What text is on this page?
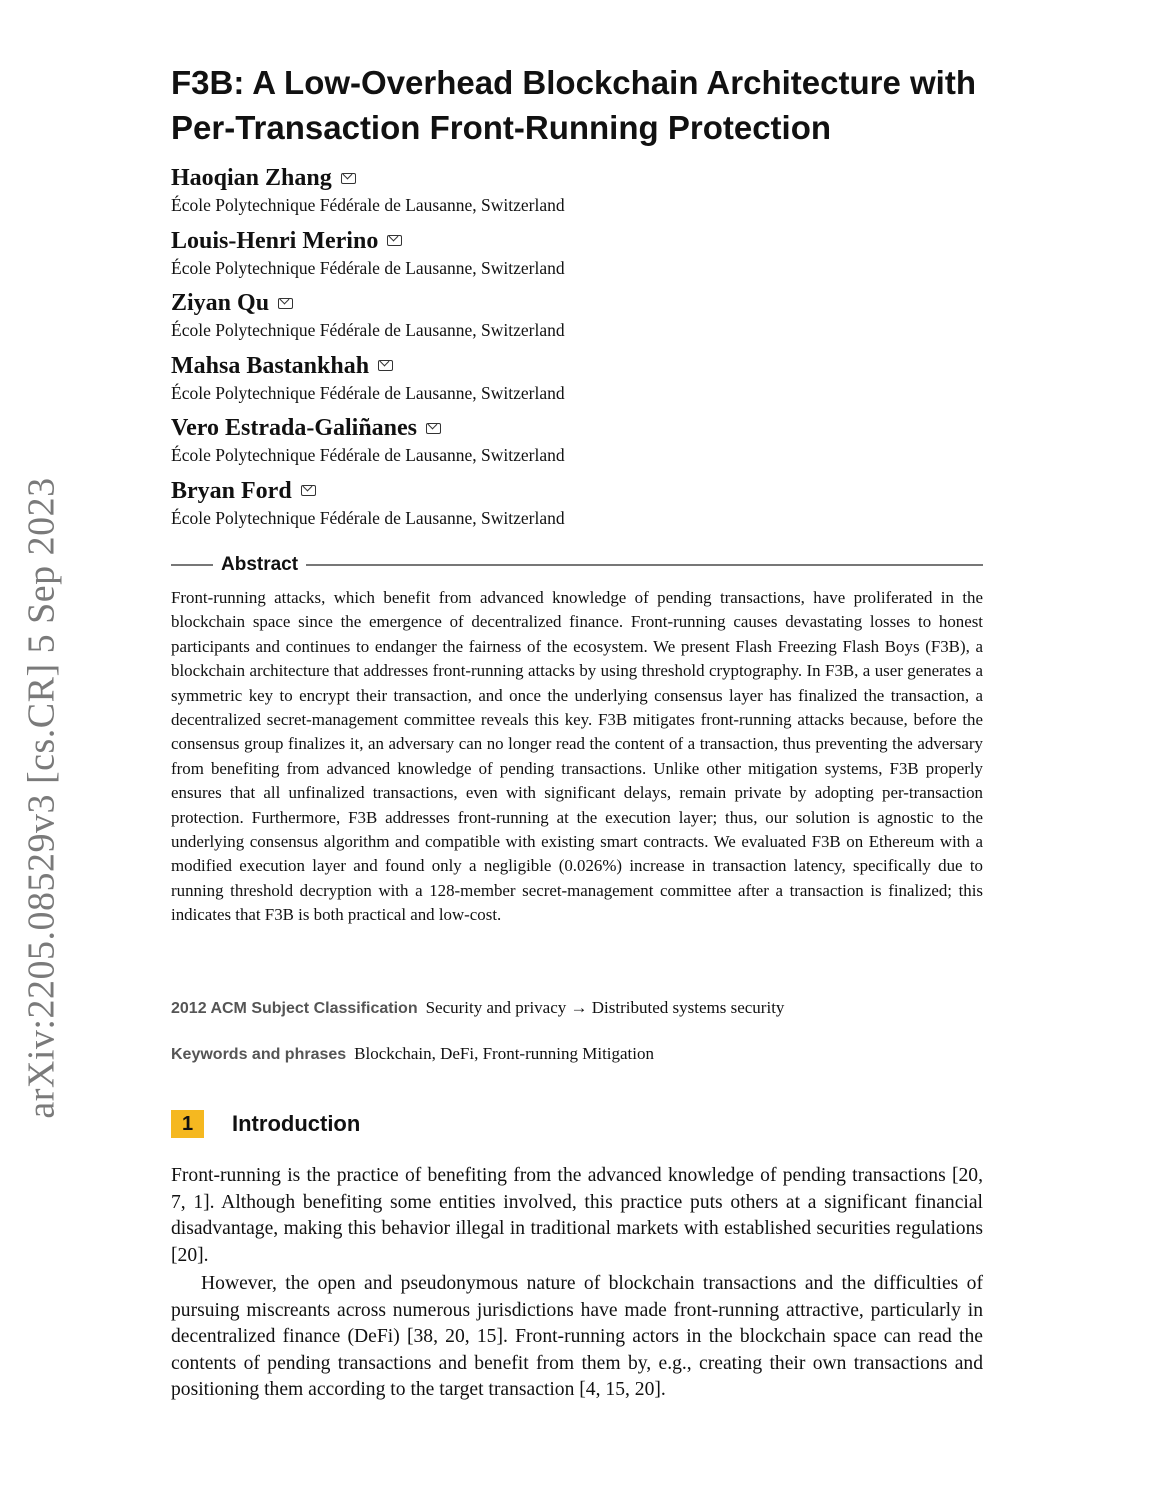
arXiv:2205.08529v3 [cs.CR] 5 Sep 2023
F3B: A Low-Overhead Blockchain Architecture with Per-Transaction Front-Running Protection
Haoqian Zhang
École Polytechnique Fédérale de Lausanne, Switzerland
Louis-Henri Merino
École Polytechnique Fédérale de Lausanne, Switzerland
Ziyan Qu
École Polytechnique Fédérale de Lausanne, Switzerland
Mahsa Bastankhah
École Polytechnique Fédérale de Lausanne, Switzerland
Vero Estrada-Galiñanes
École Polytechnique Fédérale de Lausanne, Switzerland
Bryan Ford
École Polytechnique Fédérale de Lausanne, Switzerland
Abstract

Front-running attacks, which benefit from advanced knowledge of pending transactions, have proliferated in the blockchain space since the emergence of decentralized finance. Front-running causes devastating losses to honest participants and continues to endanger the fairness of the ecosystem. We present Flash Freezing Flash Boys (F3B), a blockchain architecture that addresses front-running attacks by using threshold cryptography. In F3B, a user generates a symmetric key to encrypt their transaction, and once the underlying consensus layer has finalized the transaction, a decentralized secret-management committee reveals this key. F3B mitigates front-running attacks because, before the consensus group finalizes it, an adversary can no longer read the content of a transaction, thus preventing the adversary from benefiting from advanced knowledge of pending transactions. Unlike other mitigation systems, F3B properly ensures that all unfinalized transactions, even with significant delays, remain private by adopting per-transaction protection. Furthermore, F3B addresses front-running at the execution layer; thus, our solution is agnostic to the underlying consensus algorithm and compatible with existing smart contracts. We evaluated F3B on Ethereum with a modified execution layer and found only a negligible (0.026%) increase in transaction latency, specifically due to running threshold decryption with a 128-member secret-management committee after a transaction is finalized; this indicates that F3B is both practical and low-cost.

2012 ACM Subject Classification Security and privacy → Distributed systems security
Keywords and phrases Blockchain, DeFi, Front-running Mitigation
1	Introduction

Front-running is the practice of benefiting from the advanced knowledge of pending transactions [20, 7, 1]. Although benefiting some entities involved, this practice puts others at a significant financial disadvantage, making this behavior illegal in traditional markets with established securities regulations [20].

However, the open and pseudonymous nature of blockchain transactions and the difficulties of pursuing miscreants across numerous jurisdictions have made front-running attractive, particularly in decentralized finance (DeFi) [38, 20, 15]. Front-running actors in the blockchain space can read the contents of pending transactions and benefit from them by, e.g., creating their own transactions and positioning them according to the target transaction [4, 15, 20].
